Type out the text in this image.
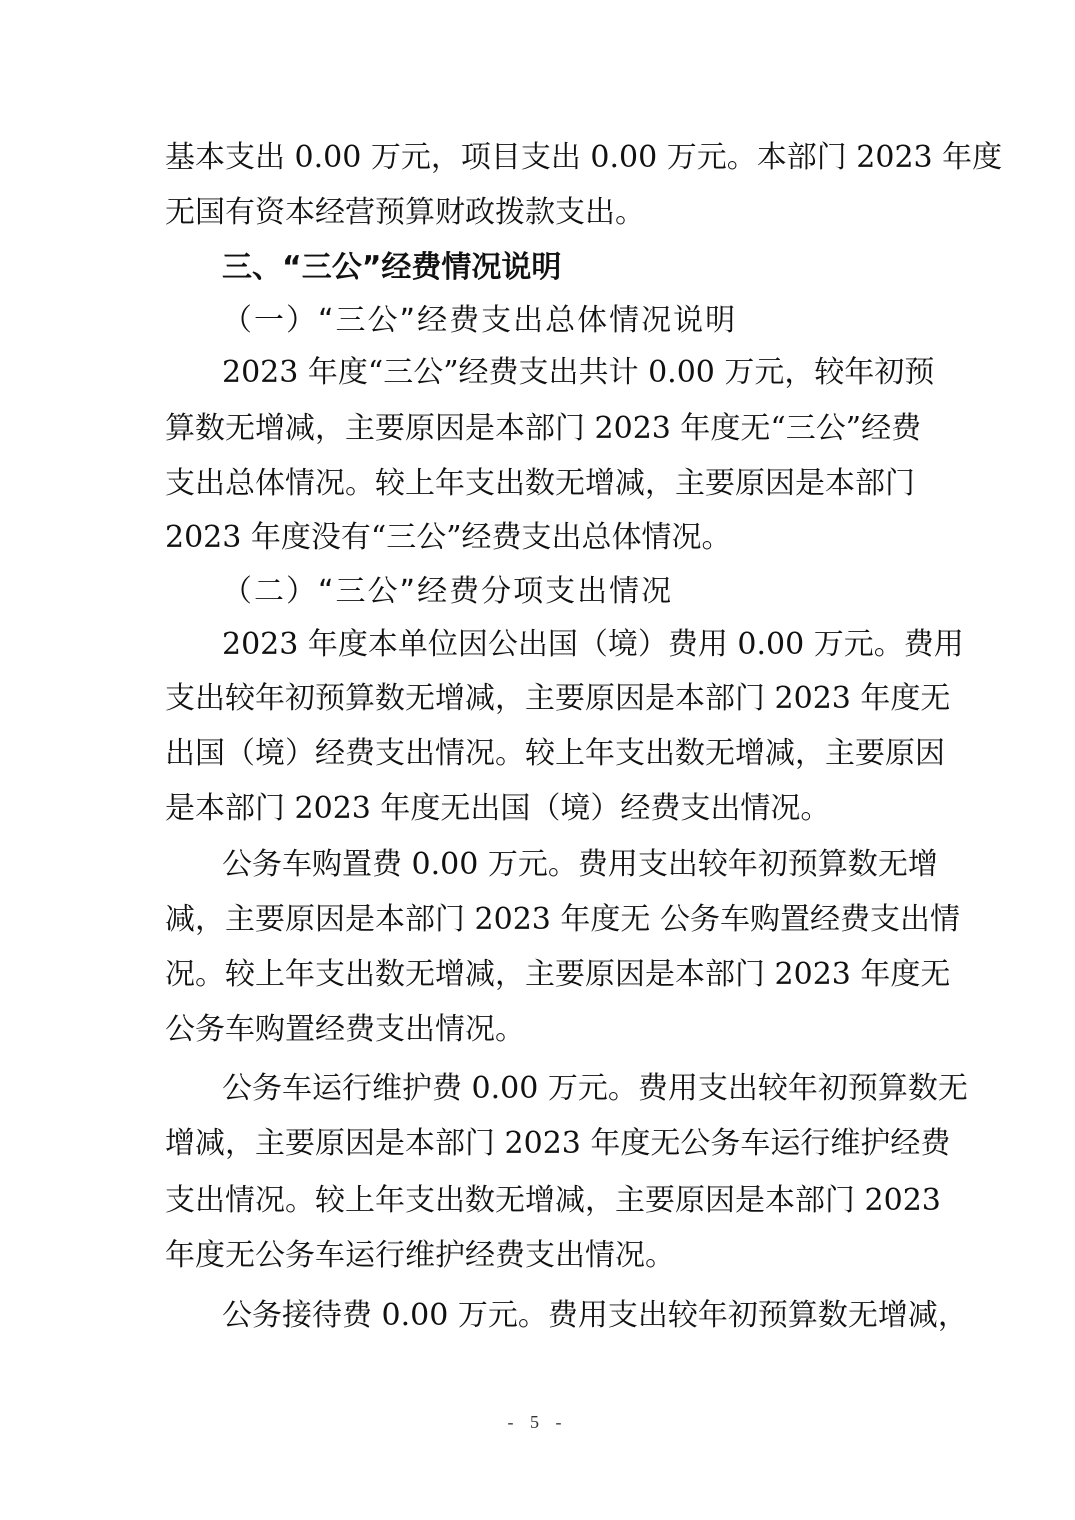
基本支出 0.00 万元，项目支出 0.00 万元。本部门 2023 年度
无国有资本经营预算财政拨款支出。
三、“三公”经费情况说明
（一）“三公”经费支出总体情况说明
2023 年度“三公”经费支出共计 0.00 万元，较年初预
算数无增减，主要原因是本部门 2023 年度无“三公”经费
支出总体情况。较上年支出数无增减，主要原因是本部门
2023 年度没有“三公”经费支出总体情况。
（二）“三公”经费分项支出情况
2023 年度本单位因公出国（境）费用 0.00 万元。费用
支出较年初预算数无增减，主要原因是本部门 2023 年度无
出国（境）经费支出情况。较上年支出数无增减，主要原因
是本部门 2023 年度无出国（境）经费支出情况。
公务车购置费 0.00 万元。费用支出较年初预算数无增
减，主要原因是本部门 2023 年度无 公务车购置经费支出情
况。较上年支出数无增减，主要原因是本部门 2023 年度无
公务车购置经费支出情况。
公务车运行维护费 0.00 万元。费用支出较年初预算数无
增减，主要原因是本部门 2023 年度无公务车运行维护经费
支出情况。较上年支出数无增减，主要原因是本部门 2023
年度无公务车运行维护经费支出情况。
公务接待费 0.00 万元。费用支出较年初预算数无增减，
- 5 -
